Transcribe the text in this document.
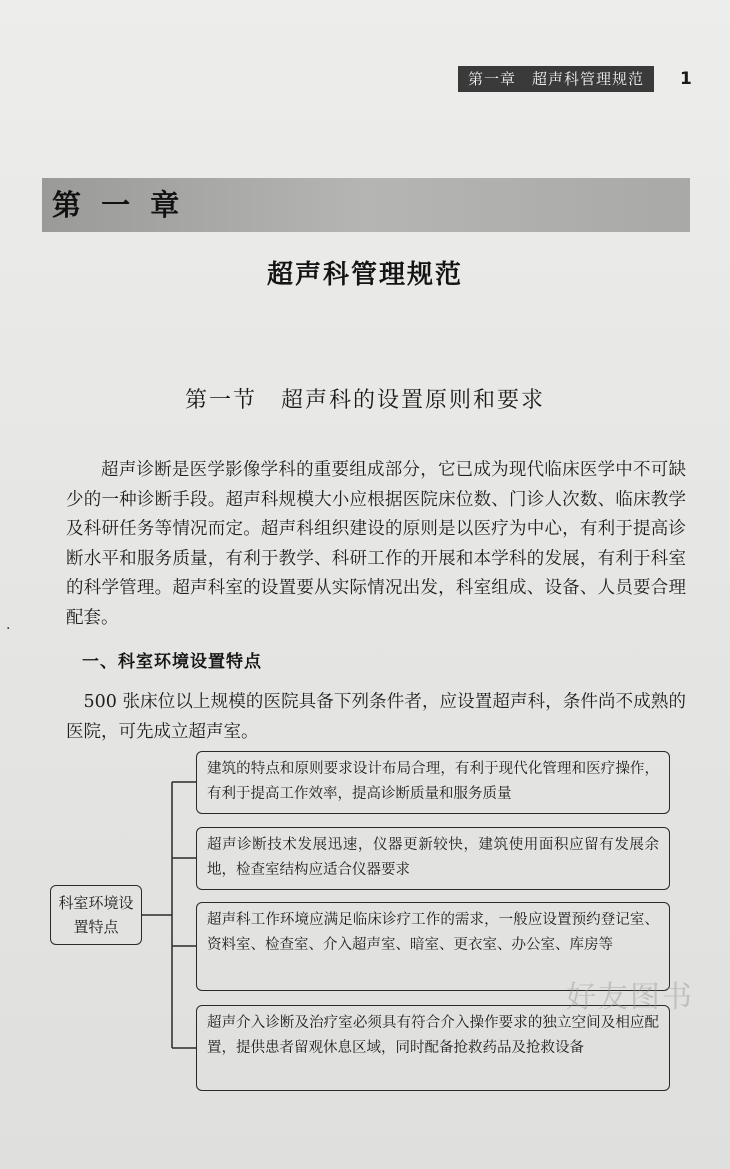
第一章　超声科管理规范	1
第 一 章
超声科管理规范
第一节　超声科的设置原则和要求
超声诊断是医学影像学科的重要组成部分，它已成为现代临床医学中不可缺少的一种诊断手段。超声科规模大小应根据医院床位数、门诊人次数、临床教学及科研任务等情况而定。超声科组织建设的原则是以医疗为中心，有利于提高诊断水平和服务质量，有利于教学、科研工作的开展和本学科的发展，有利于科室的科学管理。超声科室的设置要从实际情况出发，科室组成、设备、人员要合理配套。
·
一、科室环境设置特点
500 张床位以上规模的医院具备下列条件者，应设置超声科，条件尚不成熟的医院，可先成立超声室。
科室环境设置特点
建筑的特点和原则要求设计布局合理，有利于现代化管理和医疗操作，有利于提高工作效率，提高诊断质量和服务质量
超声诊断技术发展迅速，仪器更新较快，建筑使用面积应留有发展余地，检查室结构应适合仪器要求
超声科工作环境应满足临床诊疗工作的需求，一般应设置预约登记室、资料室、检查室、介入超声室、暗室、更衣室、办公室、库房等
超声介入诊断及治疗室必须具有符合介入操作要求的独立空间及相应配置，提供患者留观休息区域，同时配备抢救药品及抢救设备
好友图书
